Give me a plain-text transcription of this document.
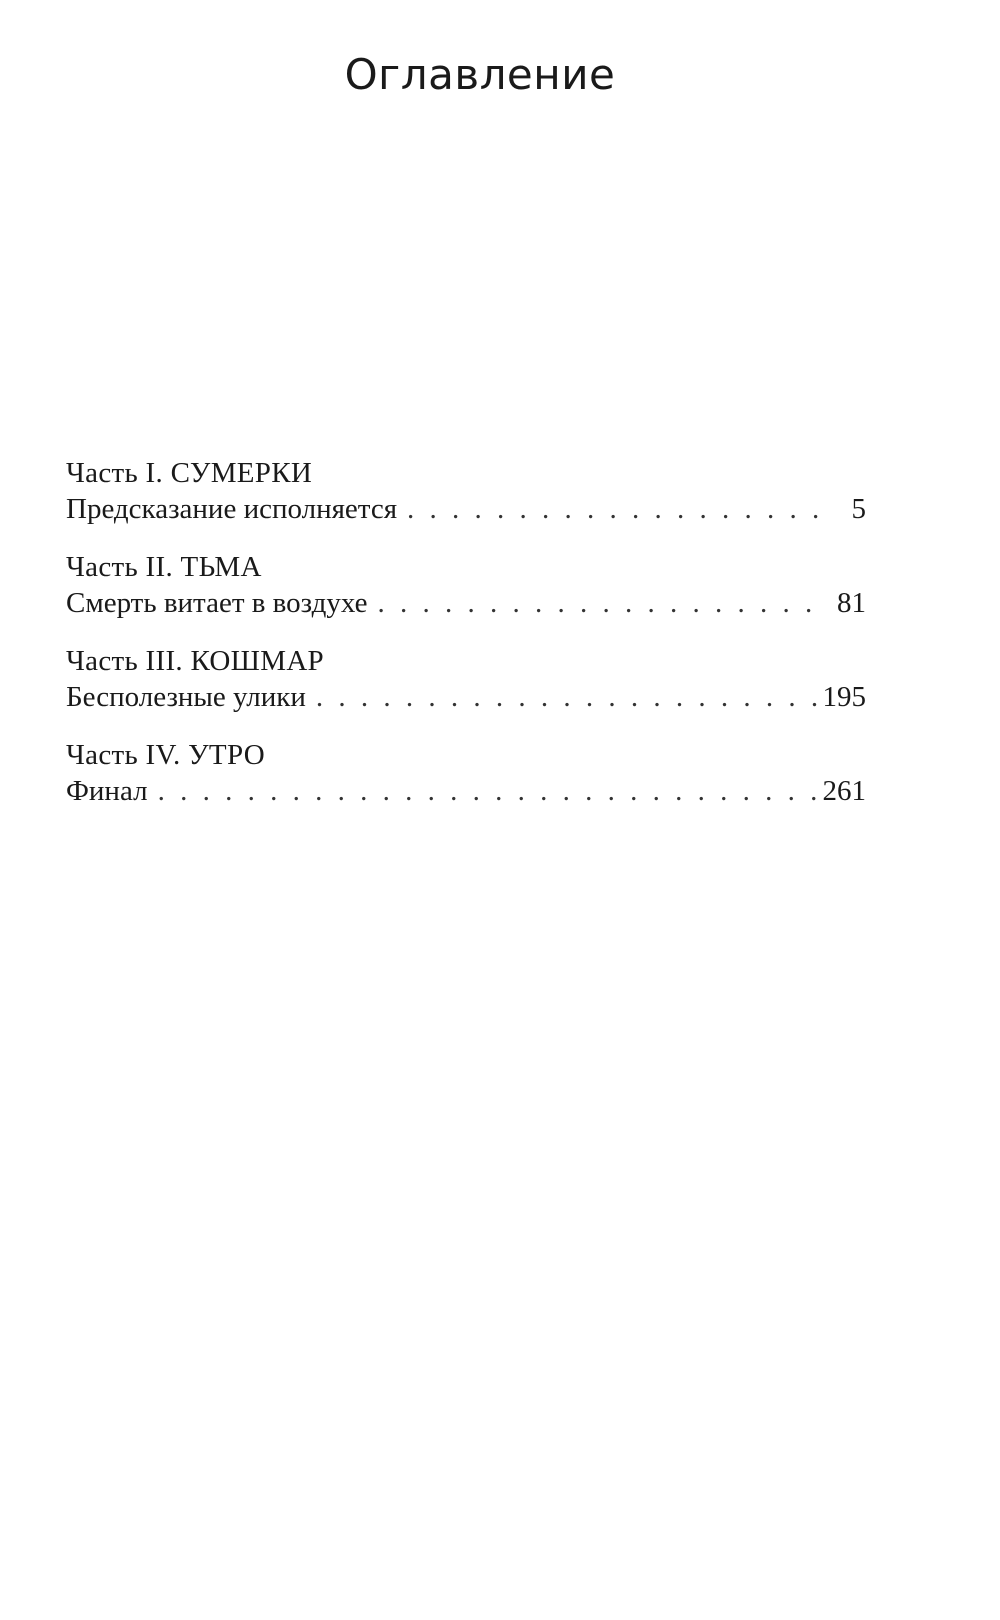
Оглавление
Часть I. СУМЕРКИ
Предсказание исполняется . . .	5
Часть II. ТЬМА
Смерть витает в воздухе . . .	81
Часть III. КОШМАР
Бесполезные улики . . .	195
Часть IV. УТРО
Финал . . .	261
